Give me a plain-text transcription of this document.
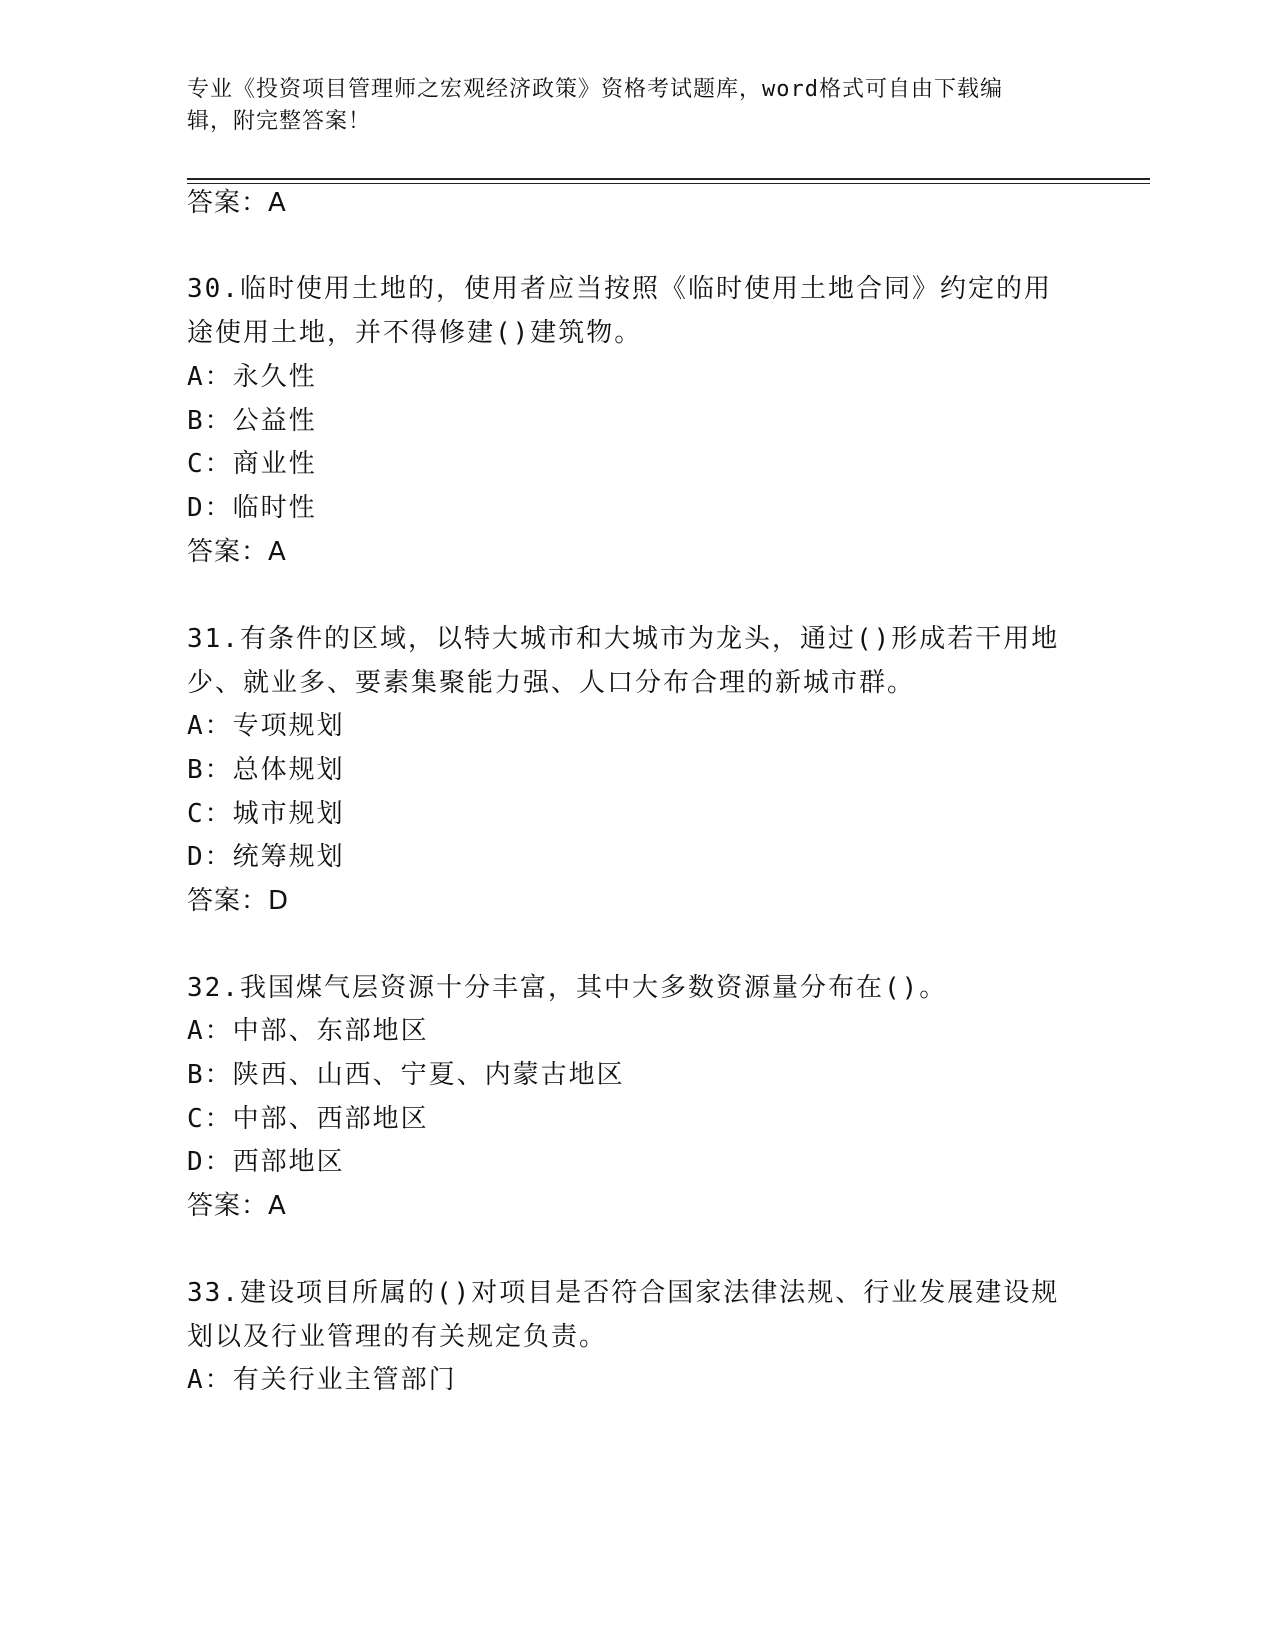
专业《投资项目管理师之宏观经济政策》资格考试题库，word格式可自由下载编
辑，附完整答案！
答案：A
30.临时使用土地的，使用者应当按照《临时使用土地合同》约定的用
途使用土地，并不得修建()建筑物。
A：永久性
B：公益性
C：商业性
D：临时性
答案：A
31.有条件的区域，以特大城市和大城市为龙头，通过()形成若干用地
少、就业多、要素集聚能力强、人口分布合理的新城市群。
A：专项规划
B：总体规划
C：城市规划
D：统筹规划
答案：D
32.我国煤气层资源十分丰富，其中大多数资源量分布在()。
A：中部、东部地区
B：陕西、山西、宁夏、内蒙古地区
C：中部、西部地区
D：西部地区
答案：A
33.建设项目所属的()对项目是否符合国家法律法规、行业发展建设规
划以及行业管理的有关规定负责。
A：有关行业主管部门
